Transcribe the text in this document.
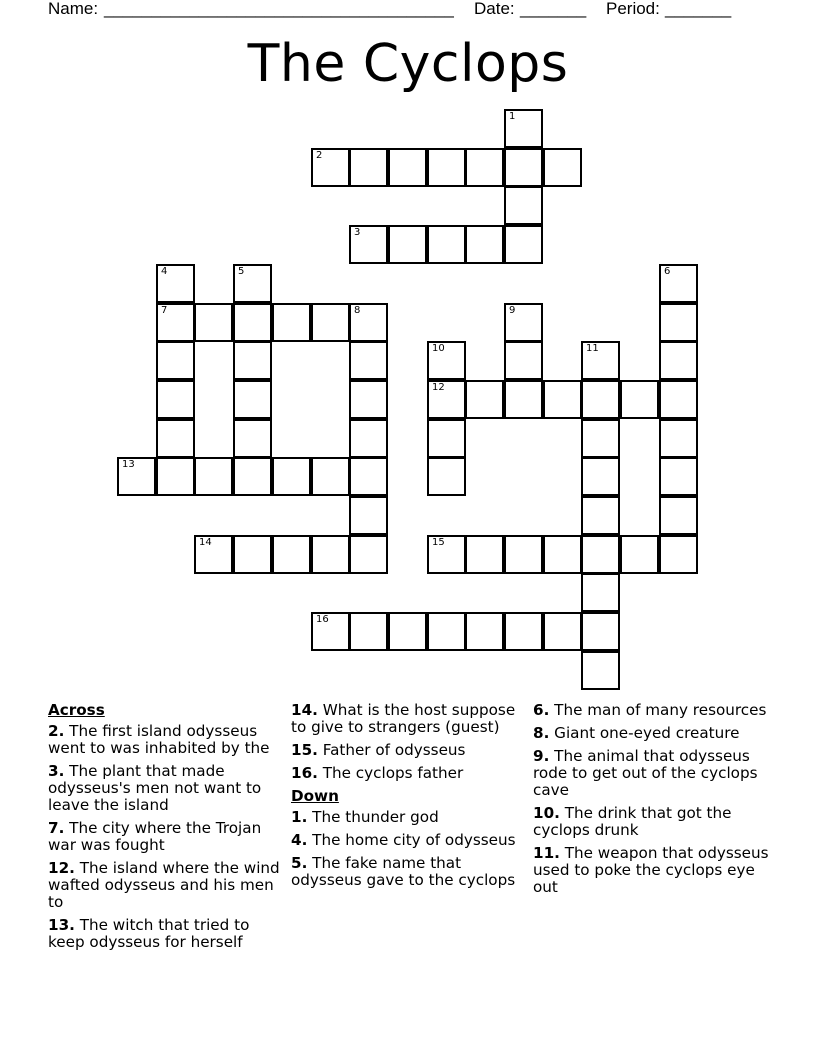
Name: _____________________________________ Date: _______ Period: _______
The Cyclops
1
2
3
4
7
5	6
8	9
10
12
11
13
14	15
16
Across
2. The first island odysseus went to was inhabited by the
3. The plant that made odysseus's men not want to leave the island
7. The city where the Trojan war was fought
12. The island where the wind wafted odysseus and his men to
13. The witch that tried to keep odysseus for herself
14. What is the host suppose to give to strangers (guest)
15. Father of odysseus
16. The cyclops father
Down
1. The thunder god
4. The home city of odysseus
5. The fake name that odysseus gave to the cyclops
6. The man of many resources
8. Giant one-eyed creature
9. The animal that odysseus rode to get out of the cyclops cave
10. The drink that got the cyclops drunk
11. The weapon that odysseus used to poke the cyclops eye out
